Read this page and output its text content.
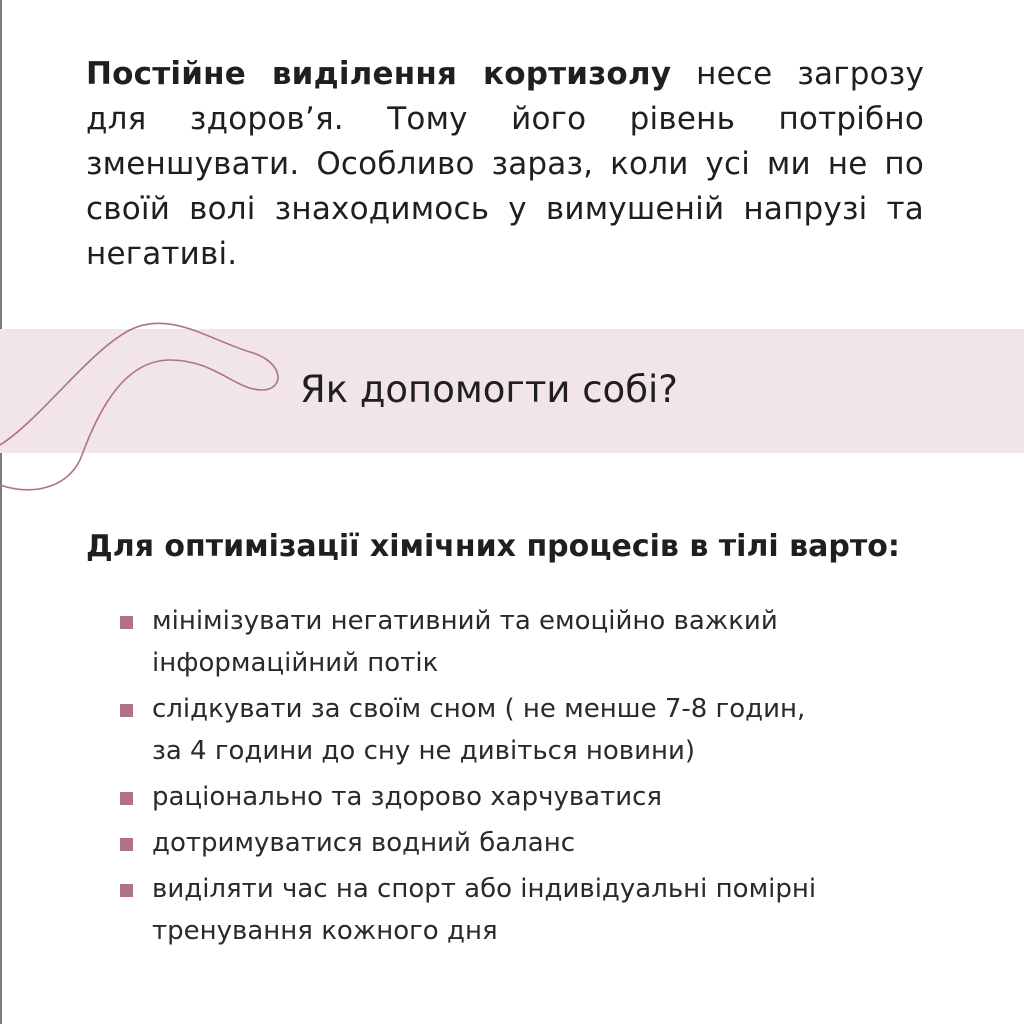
Постійне виділення кортизолу несе загрозу для здоров’я. Тому його рівень потрібно зменшувати. Особливо зараз, коли усі ми не по своїй волі знаходимось у вимушеній напрузі та негативі.

Як допомогти собі?
Для оптимізації хімічних процесів в тілі варто:
мінімізувати негативний та емоційно важкий
інформаційний потік
слідкувати за своїм сном ( не менше 7-8 годин,
за 4 години до сну не дивіться новини)
раціонально та здорово харчуватися
дотримуватися водний баланс
виділяти час на спорт або індивідуальні помірні
тренування кожного дня
